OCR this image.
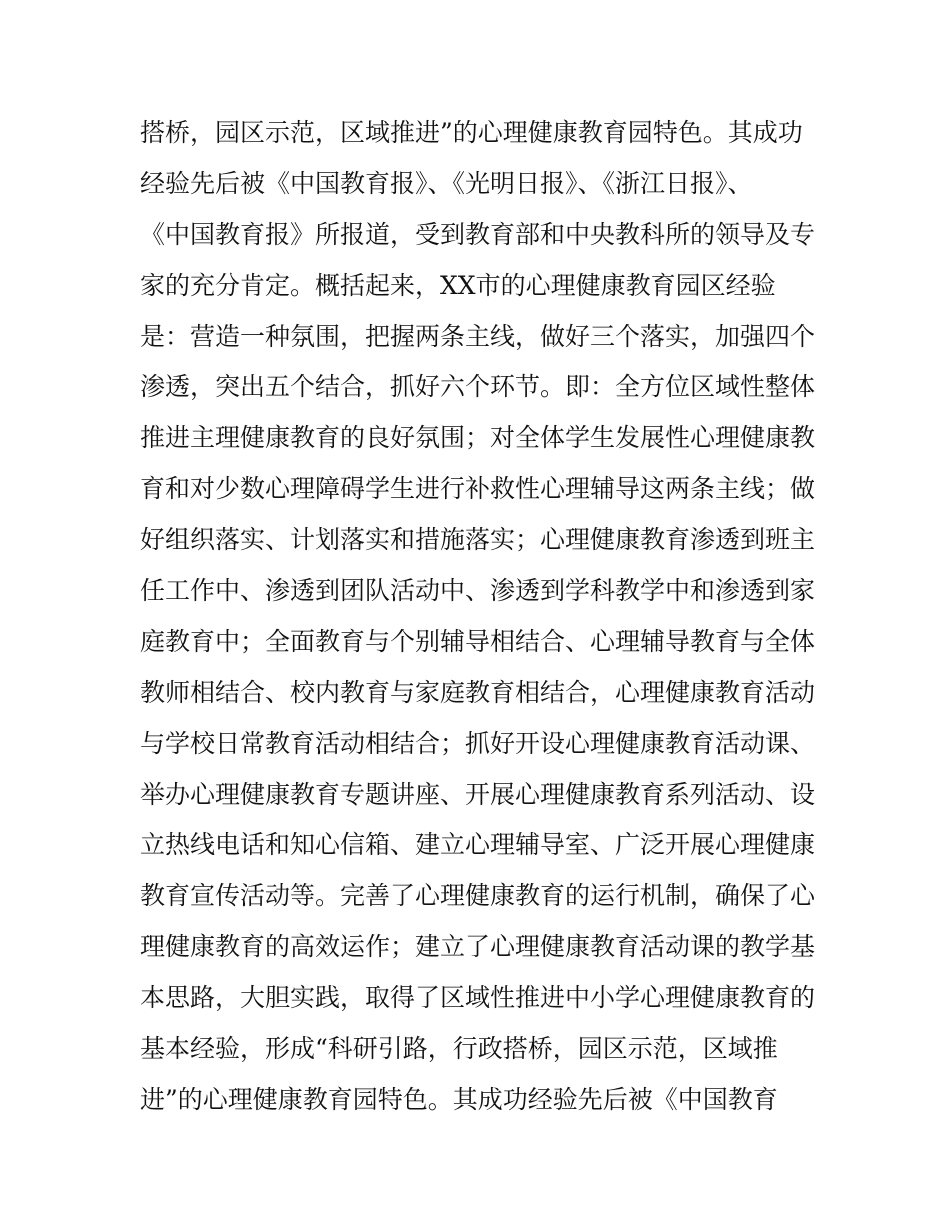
搭桥，园区示范，区域推进”的心理健康教育园特色。其成功
经验先后被《中国教育报》、《光明日报》、《浙江日报》、
《中国教育报》所报道，受到教育部和中央教科所的领导及专
家的充分肯定。概括起来，XX市的心理健康教育园区经验
是：营造一种氛围，把握两条主线，做好三个落实，加强四个
渗透，突出五个结合，抓好六个环节。即：全方位区域性整体
推进主理健康教育的良好氛围；对全体学生发展性心理健康教
育和对少数心理障碍学生进行补救性心理辅导这两条主线；做
好组织落实、计划落实和措施落实；心理健康教育渗透到班主
任工作中、渗透到团队活动中、渗透到学科教学中和渗透到家
庭教育中；全面教育与个别辅导相结合、心理辅导教育与全体
教师相结合、校内教育与家庭教育相结合，心理健康教育活动
与学校日常教育活动相结合；抓好开设心理健康教育活动课、
举办心理健康教育专题讲座、开展心理健康教育系列活动、设
立热线电话和知心信箱、建立心理辅导室、广泛开展心理健康
教育宣传活动等。完善了心理健康教育的运行机制，确保了心
理健康教育的高效运作；建立了心理健康教育活动课的教学基
本思路，大胆实践，取得了区域性推进中小学心理健康教育的
基本经验，形成“科研引路，行政搭桥，园区示范，区域推
进”的心理健康教育园特色。其成功经验先后被《中国教育
